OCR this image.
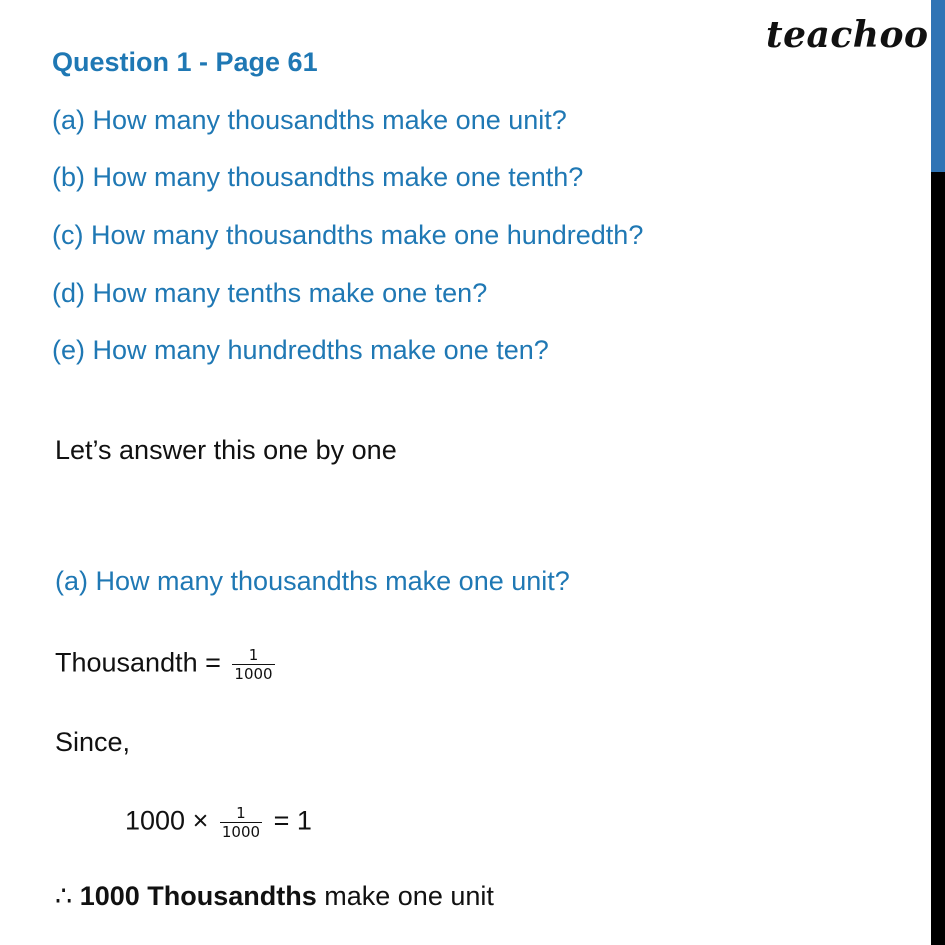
teachoo
Question 1 - Page 61
(a) How many thousandths make one unit?
(b) How many thousandths make one tenth?
(c) How many thousandths make one hundredth?
(d) How many tenths make one ten?
(e) How many hundredths make one ten?
Let’s answer this one by one
(a) How many thousandths make one unit?
Thousandth = $\frac{1}{1000}$
Since,
$1000 \times \frac{1}{1000} = 1$
∴ 1000 Thousandths make one unit
